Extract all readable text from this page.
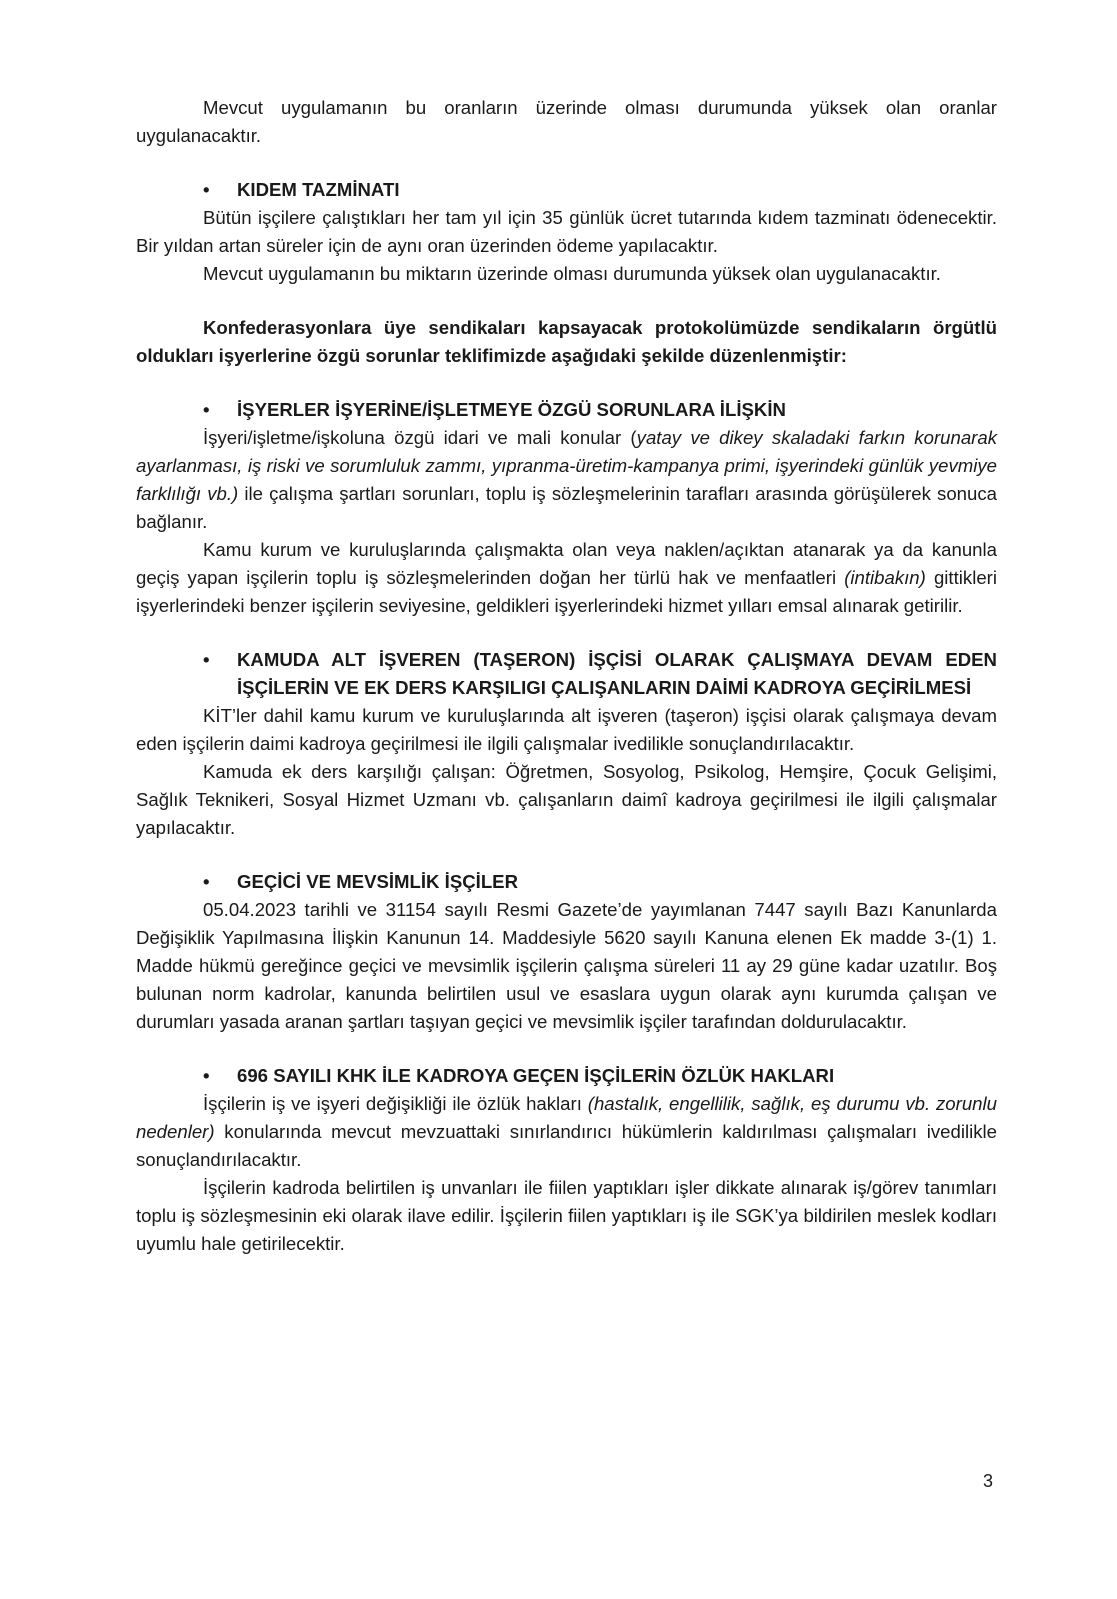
Mevcut uygulamanın bu oranların üzerinde olması durumunda yüksek olan oranlar uygulanacaktır.

•	KIDEM TAZMİNATI

Bütün işçilere çalıştıkları her tam yıl için 35 günlük ücret tutarında kıdem tazminatı ödenecektir. Bir yıldan artan süreler için de aynı oran üzerinden ödeme yapılacaktır.

Mevcut uygulamanın bu miktarın üzerinde olması durumunda yüksek olan uygulanacaktır.

Konfederasyonlara üye sendikaları kapsayacak protokolümüzde sendikaların örgütlü oldukları işyerlerine özgü sorunlar teklifimizde aşağıdaki şekilde düzenlenmiştir:

•	İŞYERLER İŞYERİNE/İŞLETMEYE ÖZGÜ SORUNLARA İLİŞKİN

İşyeri/işletme/işkoluna özgü idari ve mali konular (yatay ve dikey skaladaki farkın korunarak ayarlanması, iş riski ve sorumluluk zammı, yıpranma-üretim-kampanya primi, işyerindeki günlük yevmiye farklılığı vb.) ile çalışma şartları sorunları, toplu iş sözleşmelerinin tarafları arasında görüşülerek sonuca bağlanır.

Kamu kurum ve kuruluşlarında çalışmakta olan veya naklen/açıktan atanarak ya da kanunla geçiş yapan işçilerin toplu iş sözleşmelerinden doğan her türlü hak ve menfaatleri (intibakın) gittikleri işyerlerindeki benzer işçilerin seviyesine, geldikleri işyerlerindeki hizmet yılları emsal alınarak getirilir.

•	KAMUDA ALT İŞVEREN (TAŞERON) İŞÇİSİ OLARAK ÇALIŞMAYA DEVAM EDEN İŞÇİLERİN VE EK DERS KARŞILIGI ÇALIŞANLARIN DAİMİ KADROYA GEÇİRİLMESİ

KİT’ler dahil kamu kurum ve kuruluşlarında alt işveren (taşeron) işçisi olarak çalışmaya devam eden işçilerin daimi kadroya geçirilmesi ile ilgili çalışmalar ivedilikle sonuçlandırılacaktır.

Kamuda ek ders karşılığı çalışan: Öğretmen, Sosyolog, Psikolog, Hemşire, Çocuk Gelişimi, Sağlık Teknikeri, Sosyal Hizmet Uzmanı vb. çalışanların daimî kadroya geçirilmesi ile ilgili çalışmalar yapılacaktır.

•	GEÇİCİ VE MEVSİMLİK İŞÇİLER

05.04.2023 tarihli ve 31154 sayılı Resmi Gazete’de yayımlanan 7447 sayılı Bazı Kanunlarda Değişiklik Yapılmasına İlişkin Kanunun 14. Maddesiyle 5620 sayılı Kanuna elenen Ek madde 3-(1) 1. Madde hükmü gereğince geçici ve mevsimlik işçilerin çalışma süreleri 11 ay 29 güne kadar uzatılır. Boş bulunan norm kadrolar, kanunda belirtilen usul ve esaslara uygun olarak aynı kurumda çalışan ve durumları yasada aranan şartları taşıyan geçici ve mevsimlik işçiler tarafından doldurulacaktır.

•	696 SAYILI KHK İLE KADROYA GEÇEN İŞÇİLERİN ÖZLÜK HAKLARI

İşçilerin iş ve işyeri değişikliği ile özlük hakları (hastalık, engellilik, sağlık, eş durumu vb. zorunlu nedenler) konularında mevcut mevzuattaki sınırlandırıcı hükümlerin kaldırılması çalışmaları ivedilikle sonuçlandırılacaktır.

İşçilerin kadroda belirtilen iş unvanları ile fiilen yaptıkları işler dikkate alınarak iş/görev tanımları toplu iş sözleşmesinin eki olarak ilave edilir. İşçilerin fiilen yaptıkları iş ile SGK’ya bildirilen meslek kodları uyumlu hale getirilecektir.

3
